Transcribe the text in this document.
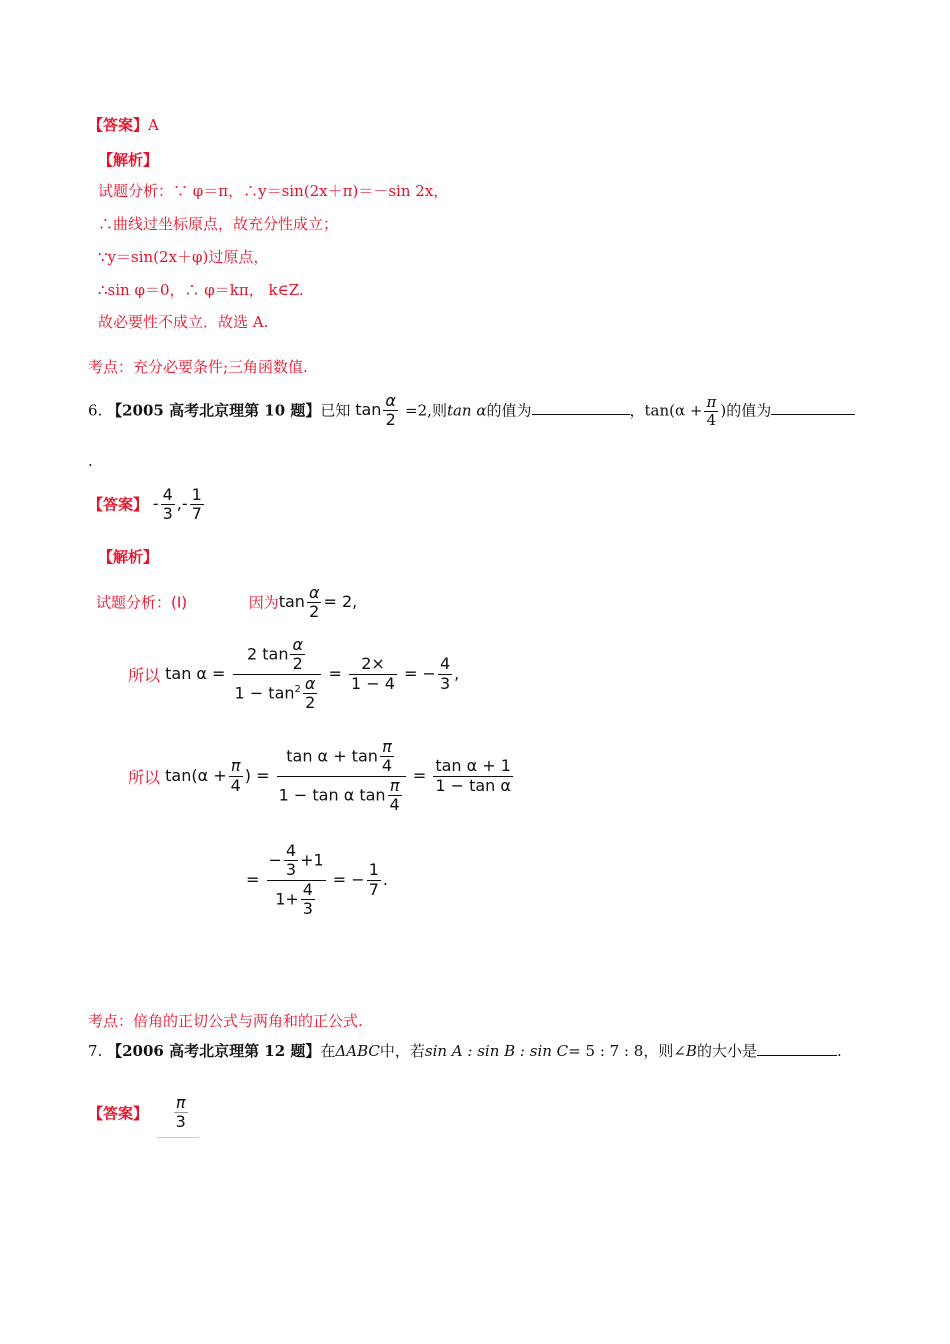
【答案】A
【解析】
试题分析：∵ φ＝π，∴y＝sin(2x＋π)＝－sin 2x，
∴曲线过坐标原点，故充分性成立；
∵y＝sin(2x＋φ)过原点，
∴sin φ＝0，∴ φ＝kπ， k∈Z.
故必要性不成立．故选 A.
考点：充分必要条件;三角函数值.
6. 【2005 高考北京理第 10 题】已知 $\tan \frac{\alpha}{2} =2$,则tan α的值为	，$\tan(\alpha + \frac{\pi}{4}$ )的值为
.
【答案】 - $\frac{4}{3}$ ,- $\frac{1}{7}$
【解析】
试题分析：(Ⅰ)	因为$\tan \frac{\alpha}{2} = 2$,
所以 $\tan \alpha = \frac{2 \tan \frac{\alpha}{2}}{1 - \tan^2 \frac{\alpha}{2}} = \frac{2\times}{1 - 4}$ = − $\frac{4}{3}$ ,
所以 $\tan(\alpha + \frac{\pi}{4}$ ) = $\frac{\tan \alpha + \tan \frac{\pi}{4}}{1 - \tan \alpha \tan \frac{\pi}{4}} = \frac{\text{tan α + 1}}{\text{1 − tan α}}$
= $\frac{- \frac{4}{3} +1}{1+ \frac{4}{3}}$ = − $\frac{1}{7}$ .
考点：倍角的正切公式与两角和的正公式.
7. 【2006 高考北京理第 12 题】在ΔABC中，若sin A : sin B : sin C= 5 : 7 : 8，则∠B的大小是	.
【答案】 $\frac{\pi}{3}$
